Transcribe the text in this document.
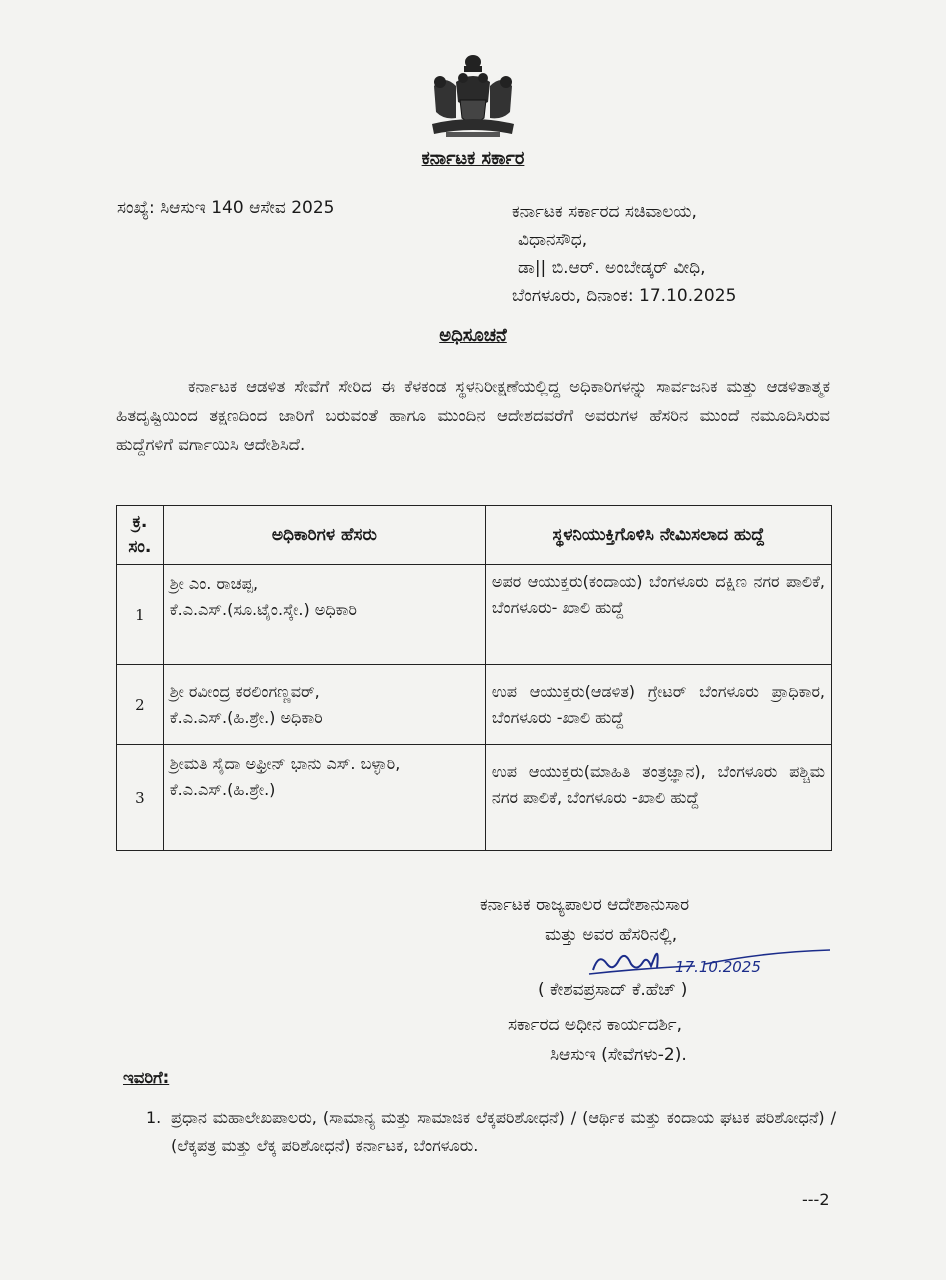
ಕರ್ನಾಟಕ ಸರ್ಕಾರ
ಸಂಖ್ಯೆ: ಸಿಆಸುಇ 140 ಆಸೇವ 2025	ಕರ್ನಾಟಕ ಸರ್ಕಾರದ ಸಚಿವಾಲಯ,
ವಿಧಾನಸೌಧ,
ಡಾ|| ಬಿ.ಆರ್. ಅಂಬೇಡ್ಕರ್ ವೀಧಿ,
ಬೆಂಗಳೂರು, ದಿನಾಂಕ: 17.10.2025
ಅಧಿಸೂಚನೆ
ಕರ್ನಾಟಕ ಆಡಳಿತ ಸೇವೆಗೆ ಸೇರಿದ ಈ ಕೆಳಕಂಡ ಸ್ಥಳನಿರೀಕ್ಷಣೆಯಲ್ಲಿದ್ದ ಅಧಿಕಾರಿಗಳನ್ನು ಸಾರ್ವಜನಿಕ ಮತ್ತು ಆಡಳಿತಾತ್ಮಕ ಹಿತದೃಷ್ಟಿಯಿಂದ ತಕ್ಷಣದಿಂದ ಜಾರಿಗೆ ಬರುವಂತೆ ಹಾಗೂ ಮುಂದಿನ ಆದೇಶದವರೆಗೆ ಅವರುಗಳ ಹೆಸರಿನ ಮುಂದೆ ನಮೂದಿಸಿರುವ ಹುದ್ದೆಗಳಿಗೆ ವರ್ಗಾಯಿಸಿ ಆದೇಶಿಸಿದೆ.
ಕ್ರ.
ಸಂ.	ಅಧಿಕಾರಿಗಳ ಹೆಸರು	ಸ್ಥಳನಿಯುಕ್ತಿಗೊಳಿಸಿ ನೇಮಿಸಲಾದ ಹುದ್ದೆ
1	ಶ್ರೀ ಎಂ. ರಾಚಪ್ಪ,
ಕೆ.ಎ.ಎಸ್.(ಸೂ.ಟೈಂ.ಸ್ಕೇ.) ಅಧಿಕಾರಿ	ಅಪರ ಆಯುಕ್ತರು(ಕಂದಾಯ) ಬೆಂಗಳೂರು ದಕ್ಷಿಣ ನಗರ ಪಾಲಿಕೆ, ಬೆಂಗಳೂರು- ಖಾಲಿ ಹುದ್ದೆ
2	ಶ್ರೀ ರವೀಂದ್ರ ಕರಲಿಂಗಣ್ಣವರ್,
ಕೆ.ಎ.ಎಸ್.(ಹಿ.ಶ್ರೇ.) ಅಧಿಕಾರಿ	ಉಪ ಆಯುಕ್ತರು(ಆಡಳಿತ) ಗ್ರೇಟರ್ ಬೆಂಗಳೂರು ಪ್ರಾಧಿಕಾರ, ಬೆಂಗಳೂರು -ಖಾಲಿ ಹುದ್ದೆ
3	ಶ್ರೀಮತಿ ಸೈದಾ ಅಫ್ರೀನ್ ಭಾನು ಎಸ್. ಬಳ್ಳಾರಿ,
ಕೆ.ಎ.ಎಸ್.(ಹಿ.ಶ್ರೇ.)	ಉಪ ಆಯುಕ್ತರು(ಮಾಹಿತಿ ತಂತ್ರಜ್ಞಾನ), ಬೆಂಗಳೂರು ಪಶ್ಚಿಮ ನಗರ ಪಾಲಿಕೆ, ಬೆಂಗಳೂರು -ಖಾಲಿ ಹುದ್ದೆ
ಕರ್ನಾಟಕ ರಾಜ್ಯಪಾಲರ ಆದೇಶಾನುಸಾರ
ಮತ್ತು ಅವರ ಹೆಸರಿನಲ್ಲಿ,
17.10.2025
( ಕೇಶವಪ್ರಸಾದ್ ಕೆ.ಹೆಚ್ )
ಸರ್ಕಾರದ ಅಧೀನ ಕಾರ್ಯದರ್ಶಿ,
ಸಿಆಸುಇ (ಸೇವೆಗಳು-2).
ಇವರಿಗೆ:
1. ಪ್ರಧಾನ ಮಹಾಲೇಖಪಾಲರು, (ಸಾಮಾನ್ಯ ಮತ್ತು ಸಾಮಾಜಿಕ ಲೆಕ್ಕಪರಿಶೋಧನೆ) / (ಆರ್ಥಿಕ ಮತ್ತು ಕಂದಾಯ ಘಟಕ ಪರಿಶೋಧನೆ) / (ಲೆಕ್ಕಪತ್ರ ಮತ್ತು ಲೆಕ್ಕ ಪರಿಶೋಧನೆ) ಕರ್ನಾಟಕ, ಬೆಂಗಳೂರು.
---2
